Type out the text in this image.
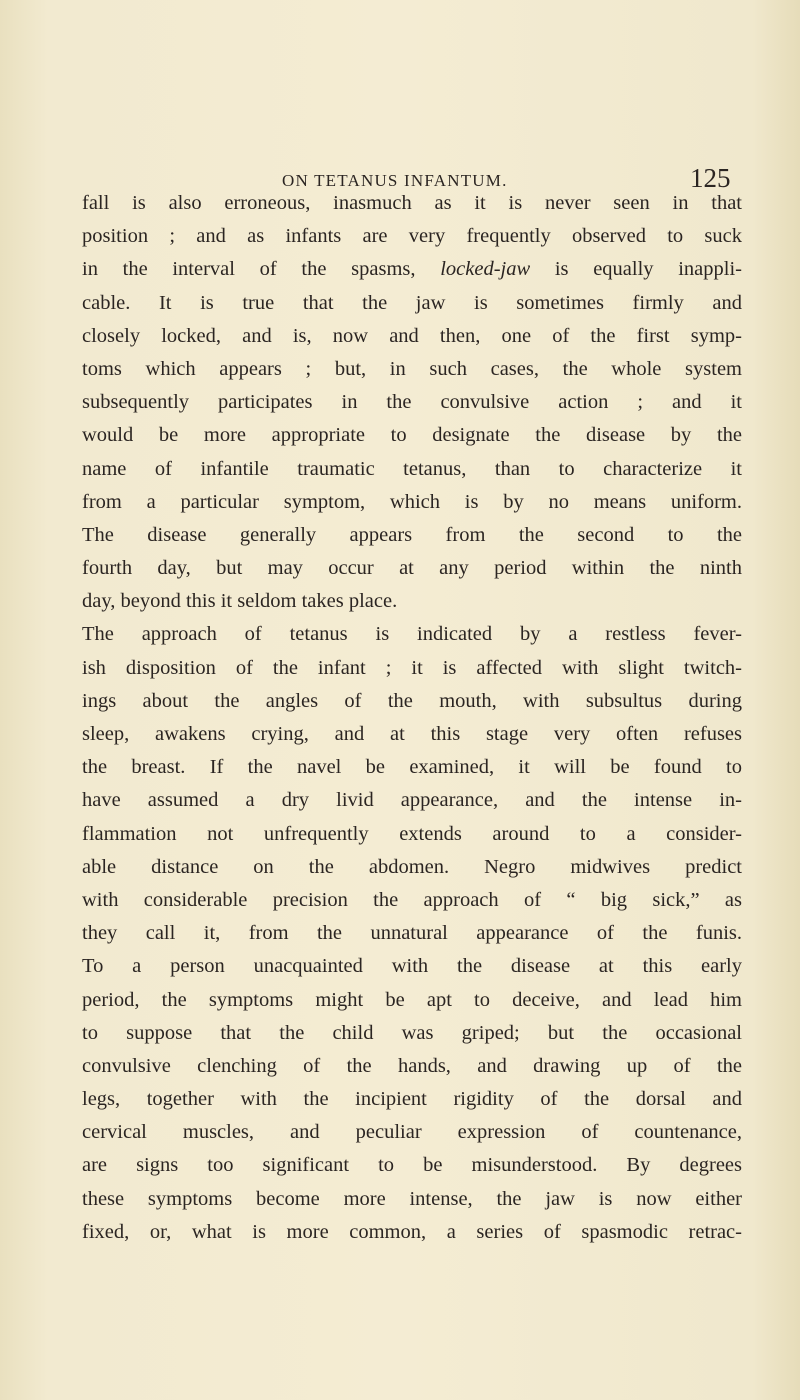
ON TETANUS INFANTUM.	125
fall is also erroneous, inasmuch as it is never seen in that
position ; and as infants are very frequently observed to suck
in the interval of the spasms, locked-jaw is equally inappli-
cable. It is true that the jaw is sometimes firmly and
closely locked, and is, now and then, one of the first symp-
toms which appears ; but, in such cases, the whole system
subsequently participates in the convulsive action ; and it
would be more appropriate to designate the disease by the
name of infantile traumatic tetanus, than to characterize it
from a particular symptom, which is by no means uniform.
The disease generally appears from the second to the
fourth day, but may occur at any period within the ninth
day, beyond this it seldom takes place.
The approach of tetanus is indicated by a restless fever-
ish disposition of the infant ; it is affected with slight twitch-
ings about the angles of the mouth, with subsultus during
sleep, awakens crying, and at this stage very often refuses
the breast. If the navel be examined, it will be found to
have assumed a dry livid appearance, and the intense in-
flammation not unfrequently extends around to a consider-
able distance on the abdomen. Negro midwives predict
with considerable precision the approach of “ big sick,” as
they call it, from the unnatural appearance of the funis.
To a person unacquainted with the disease at this early
period, the symptoms might be apt to deceive, and lead him
to suppose that the child was griped; but the occasional
convulsive clenching of the hands, and drawing up of the
legs, together with the incipient rigidity of the dorsal and
cervical muscles, and peculiar expression of countenance,
are signs too significant to be misunderstood. By degrees
these symptoms become more intense, the jaw is now either
fixed, or, what is more common, a series of spasmodic retrac-
